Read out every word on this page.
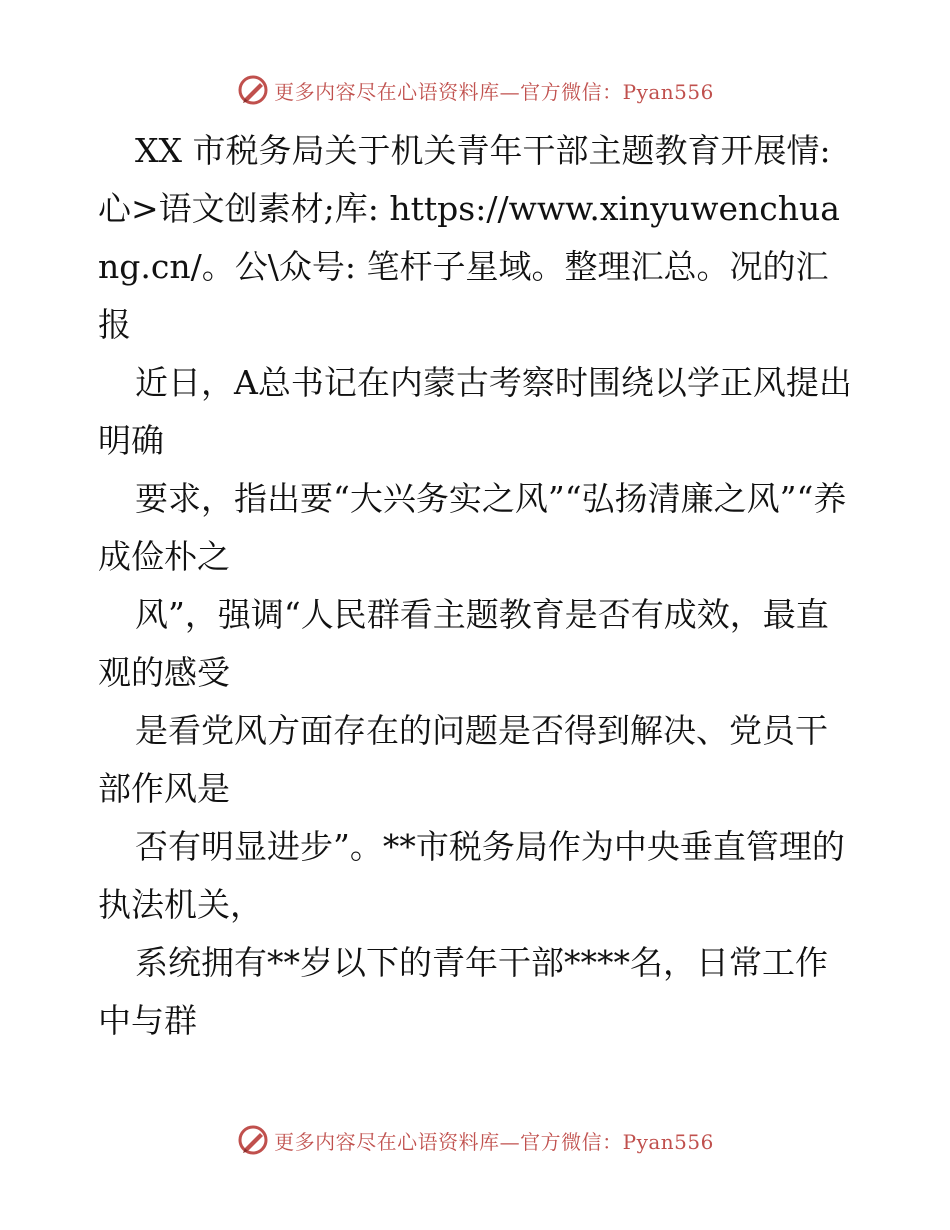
更多内容尽在心语资料库—官方微信：Pyan556

XX 市税务局关于机关青年干部主题教育开展情:心>语文创素材;库: https://www.xinyuwenchuang.cn/。公\众号: 笔杆子星域。整理汇总。况的汇报

近日，A总书记在内蒙古考察时围绕以学正风提出明确

要求，指出要“大兴务实之风”“弘扬清廉之风”“养成俭朴之

风”，强调“人民群看主题教育是否有成效，最直观的感受

是看党风方面存在的问题是否得到解决、党员干部作风是

否有明显进步”。**市税务局作为中央垂直管理的执法机关，

系统拥有**岁以下的青年干部****名，日常工作中与群

更多内容尽在心语资料库—官方微信：Pyan556
